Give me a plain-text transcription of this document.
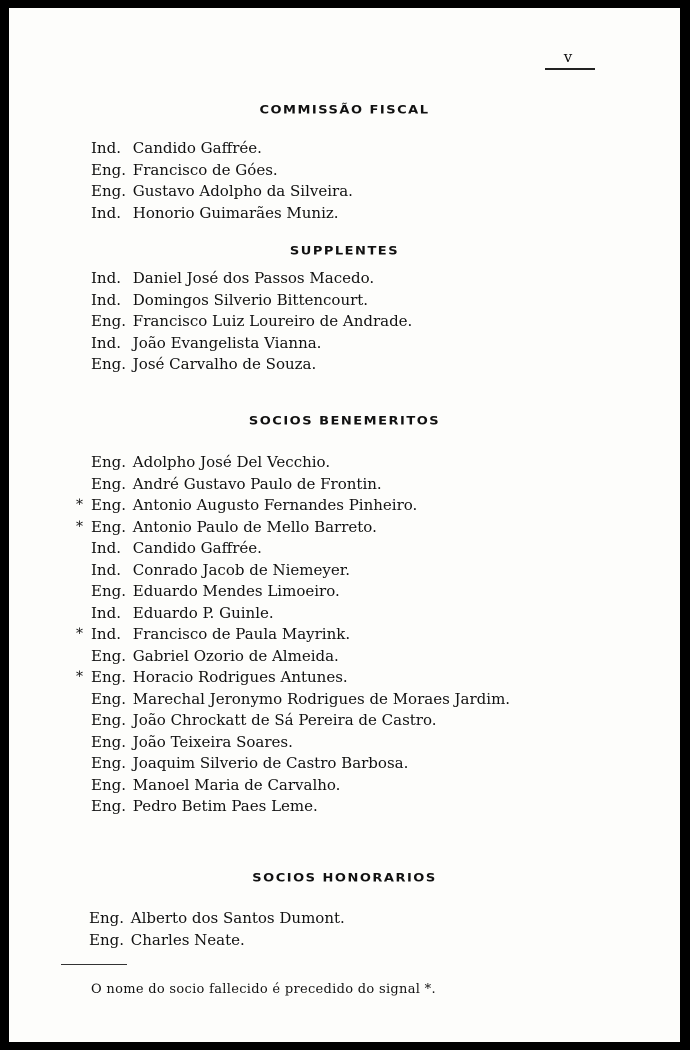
v
COMMISSÃO FISCAL
Ind. Candido Gaffrée.
Eng. Francisco de Góes.
Eng. Gustavo Adolpho da Silveira.
Ind. Honorio Guimarães Muniz.
SUPPLENTES
Ind. Daniel José dos Passos Macedo.
Ind. Domingos Silverio Bittencourt.
Eng. Francisco Luiz Loureiro de Andrade.
Ind. João Evangelista Vianna.
Eng. José Carvalho de Souza.
SOCIOS BENEMERITOS
Eng. Adolpho José Del Vecchio.
Eng. André Gustavo Paulo de Frontin.
* Eng. Antonio Augusto Fernandes Pinheiro.
* Eng. Antonio Paulo de Mello Barreto.
Ind. Candido Gaffrée.
Ind. Conrado Jacob de Niemeyer.
Eng. Eduardo Mendes Limoeiro.
Ind. Eduardo P. Guinle.
* Ind. Francisco de Paula Mayrink.
Eng. Gabriel Ozorio de Almeida.
* Eng. Horacio Rodrigues Antunes.
Eng. Marechal Jeronymo Rodrigues de Moraes Jardim.
Eng. João Chrockatt de Sá Pereira de Castro.
Eng. João Teixeira Soares.
Eng. Joaquim Silverio de Castro Barbosa.
Eng. Manoel Maria de Carvalho.
Eng. Pedro Betim Paes Leme.
SOCIOS HONORARIOS
Eng. Alberto dos Santos Dumont.
Eng. Charles Neate.
O nome do socio fallecido é precedido do signal *.
